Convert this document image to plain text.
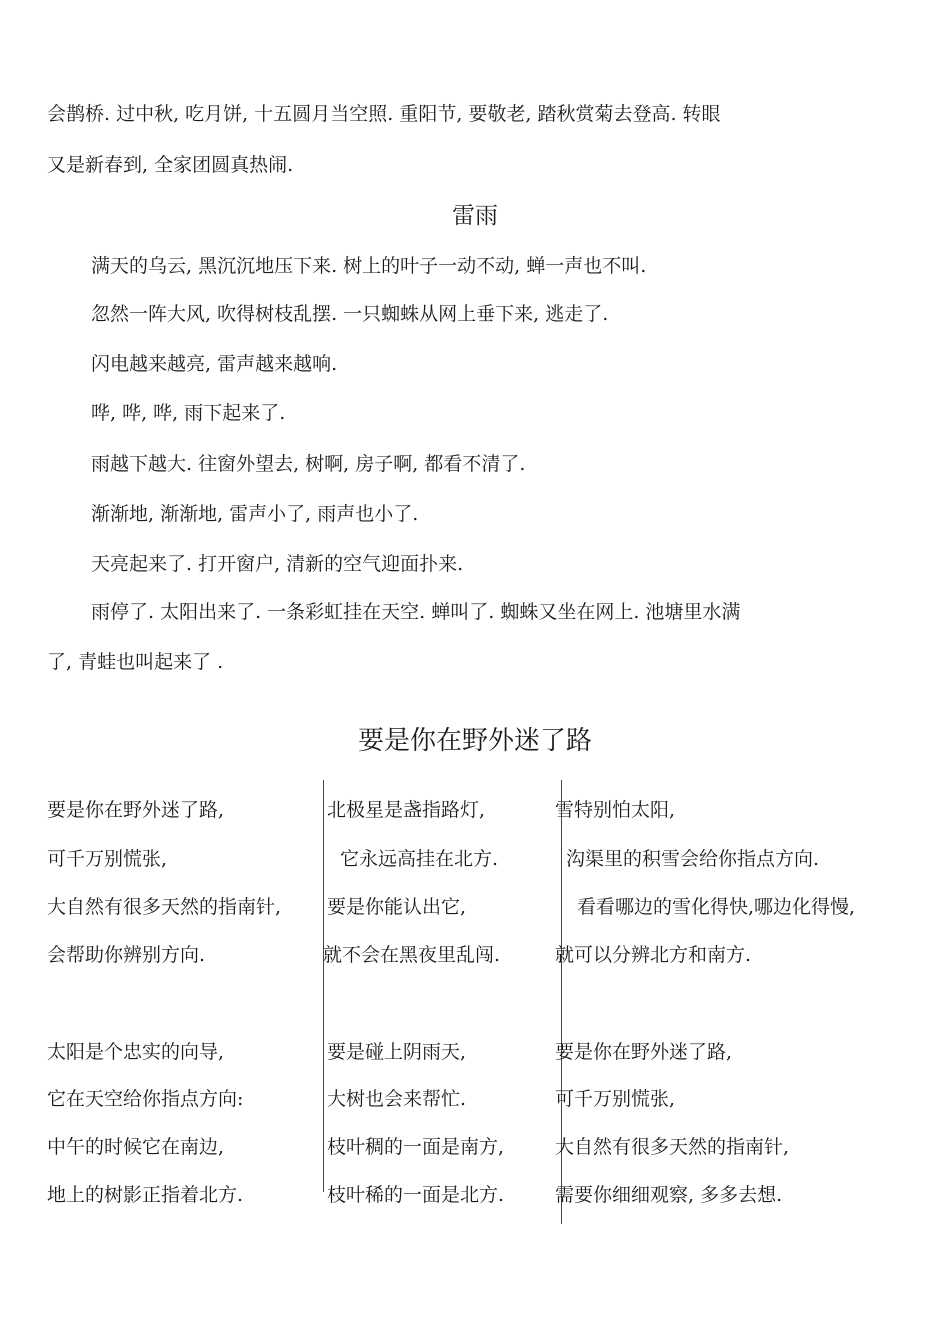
会鹊桥. 过中秋, 吃月饼, 十五圆月当空照. 重阳节, 要敬老, 踏秋赏菊去登高. 转眼
又是新春到, 全家团圆真热闹.
雷雨
满天的乌云, 黑沉沉地压下来. 树上的叶子一动不动, 蝉一声也不叫.
忽然一阵大风, 吹得树枝乱摆. 一只蜘蛛从网上垂下来, 逃走了.
闪电越来越亮, 雷声越来越响.
哗, 哗, 哗, 雨下起来了.
雨越下越大. 往窗外望去, 树啊, 房子啊, 都看不清了.
渐渐地, 渐渐地, 雷声小了, 雨声也小了.
天亮起来了. 打开窗户, 清新的空气迎面扑来.
雨停了. 太阳出来了. 一条彩虹挂在天空. 蝉叫了. 蜘蛛又坐在网上. 池塘里水满
了, 青蛙也叫起来了 .
要是你在野外迷了路
要是你在野外迷了路,
可千万别慌张,
大自然有很多天然的指南针,
会帮助你辨别方向.
北极星是盏指路灯,
它永远高挂在北方.
要是你能认出它,
就不会在黑夜里乱闯.
雪特别怕太阳,
沟渠里的积雪会给你指点方向.
看看哪边的雪化得快,哪边化得慢,
就可以分辨北方和南方.
太阳是个忠实的向导,
它在天空给你指点方向:
中午的时候它在南边,
地上的树影正指着北方.
要是碰上阴雨天,
大树也会来帮忙.
枝叶稠的一面是南方,
枝叶稀的一面是北方.
要是你在野外迷了路,
可千万别慌张,
大自然有很多天然的指南针,
需要你细细观察, 多多去想.
